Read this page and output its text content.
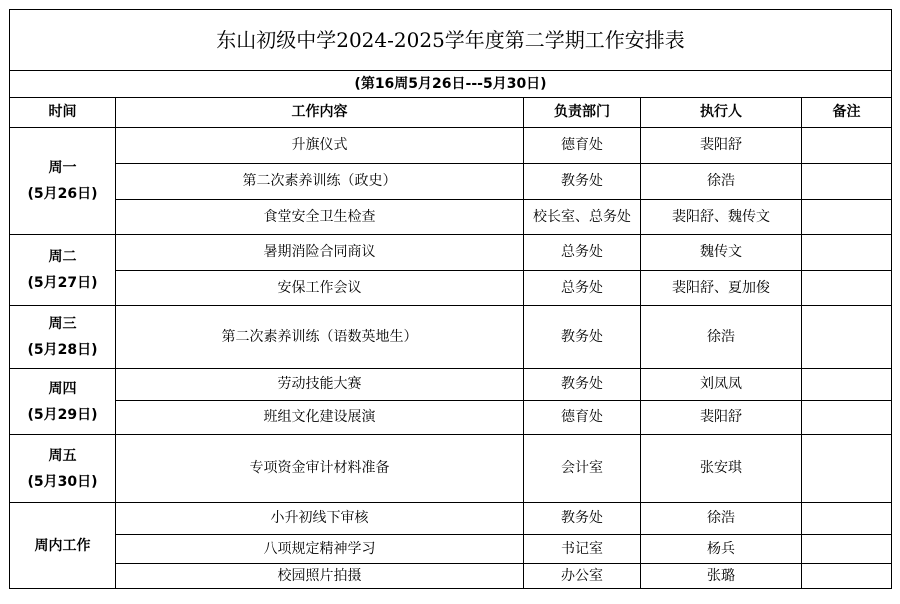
东山初级中学2024-2025学年度第二学期工作安排表				
(第16周5月26日---5月30日)				
时间	工作内容	负责部门	执行人	备注

周一
(5月26日)	升旗仪式	德育处	裴阳舒	
	第二次素养训练（政史）	教务处	徐浩	
	食堂安全卫生检查	校长室、总务处	裴阳舒、魏传文	

周二
(5月27日)	暑期消险合同商议	总务处	魏传文	
	安保工作会议	总务处	裴阳舒、夏加俊	

周三
(5月28日)	第二次素养训练（语数英地生）	教务处	徐浩	

周四
(5月29日)	劳动技能大赛	教务处	刘凤凤	
	班组文化建设展演	德育处	裴阳舒	

周五
(5月30日)	专项资金审计材料准备	会计室	张安琪	

周内工作	小升初线下审核	教务处	徐浩	
	八项规定精神学习	书记室	杨兵	
	校园照片拍摄	办公室	张璐	
